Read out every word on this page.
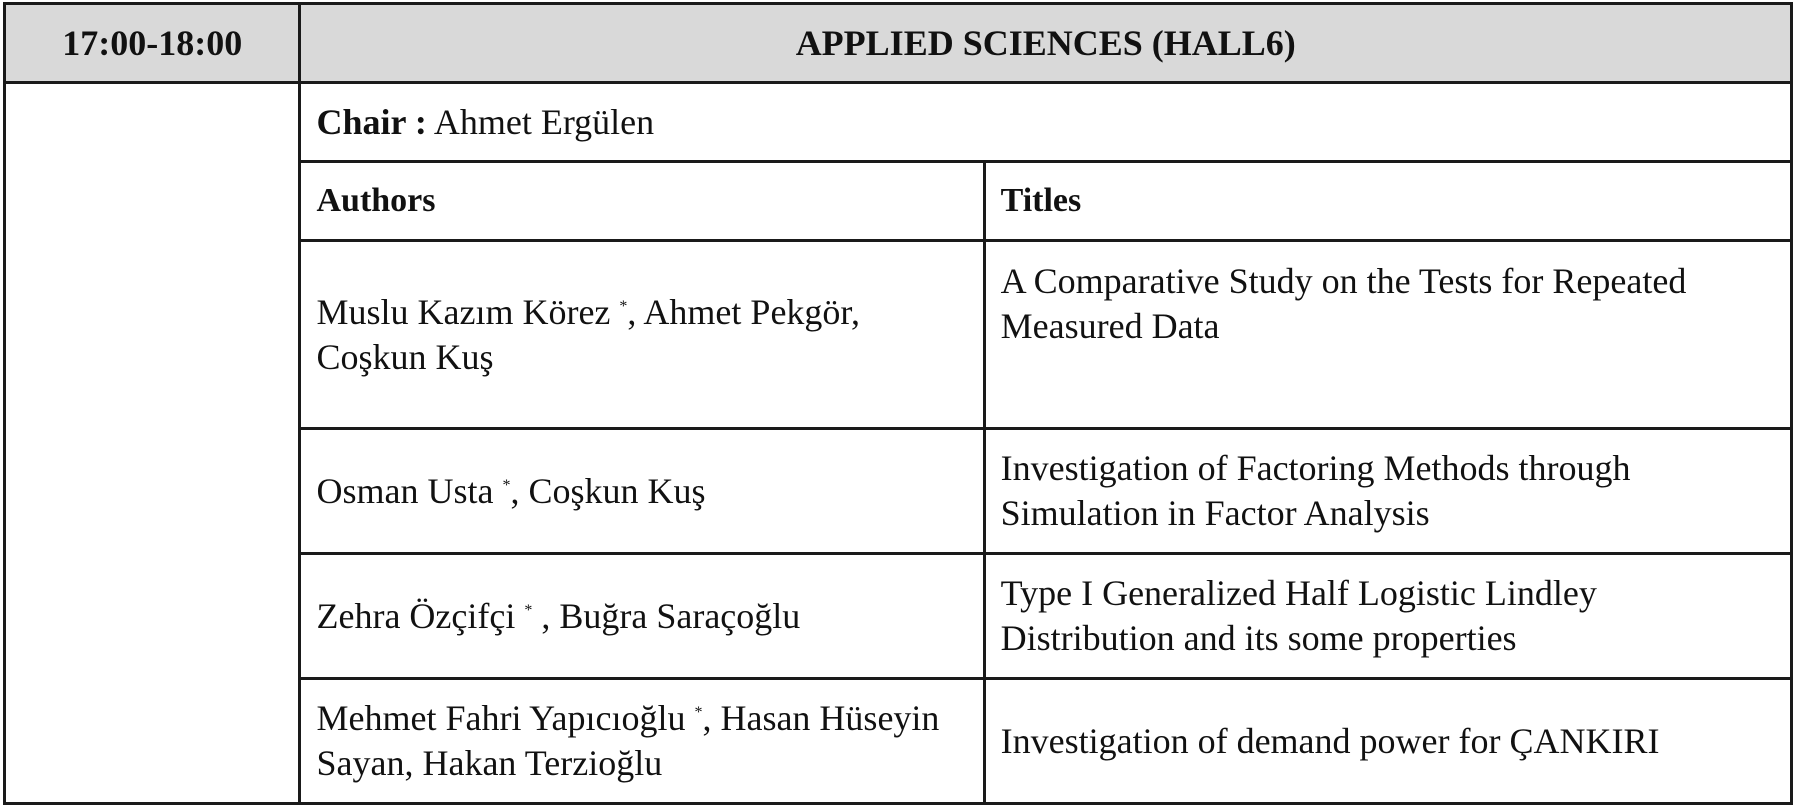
17:00-18:00	APPLIED SCIENCES (HALL6)	
	Chair : Ahmet Ergülen	
	Authors	Titles
	Muslu Kazım Körez *, Ahmet Pekgör, Coşkun Kuş	A Comparative Study on the Tests for Repeated Measured Data
	Osman Usta *, Coşkun Kuş	Investigation of Factoring Methods through Simulation in Factor Analysis
	Zehra Özçifçi * , Buğra Saraçoğlu	Type I Generalized Half Logistic Lindley Distribution and its some properties
	Mehmet Fahri Yapıcıoğlu *, Hasan Hüseyin Sayan, Hakan Terzioğlu	Investigation of demand power for ÇANKIRI
